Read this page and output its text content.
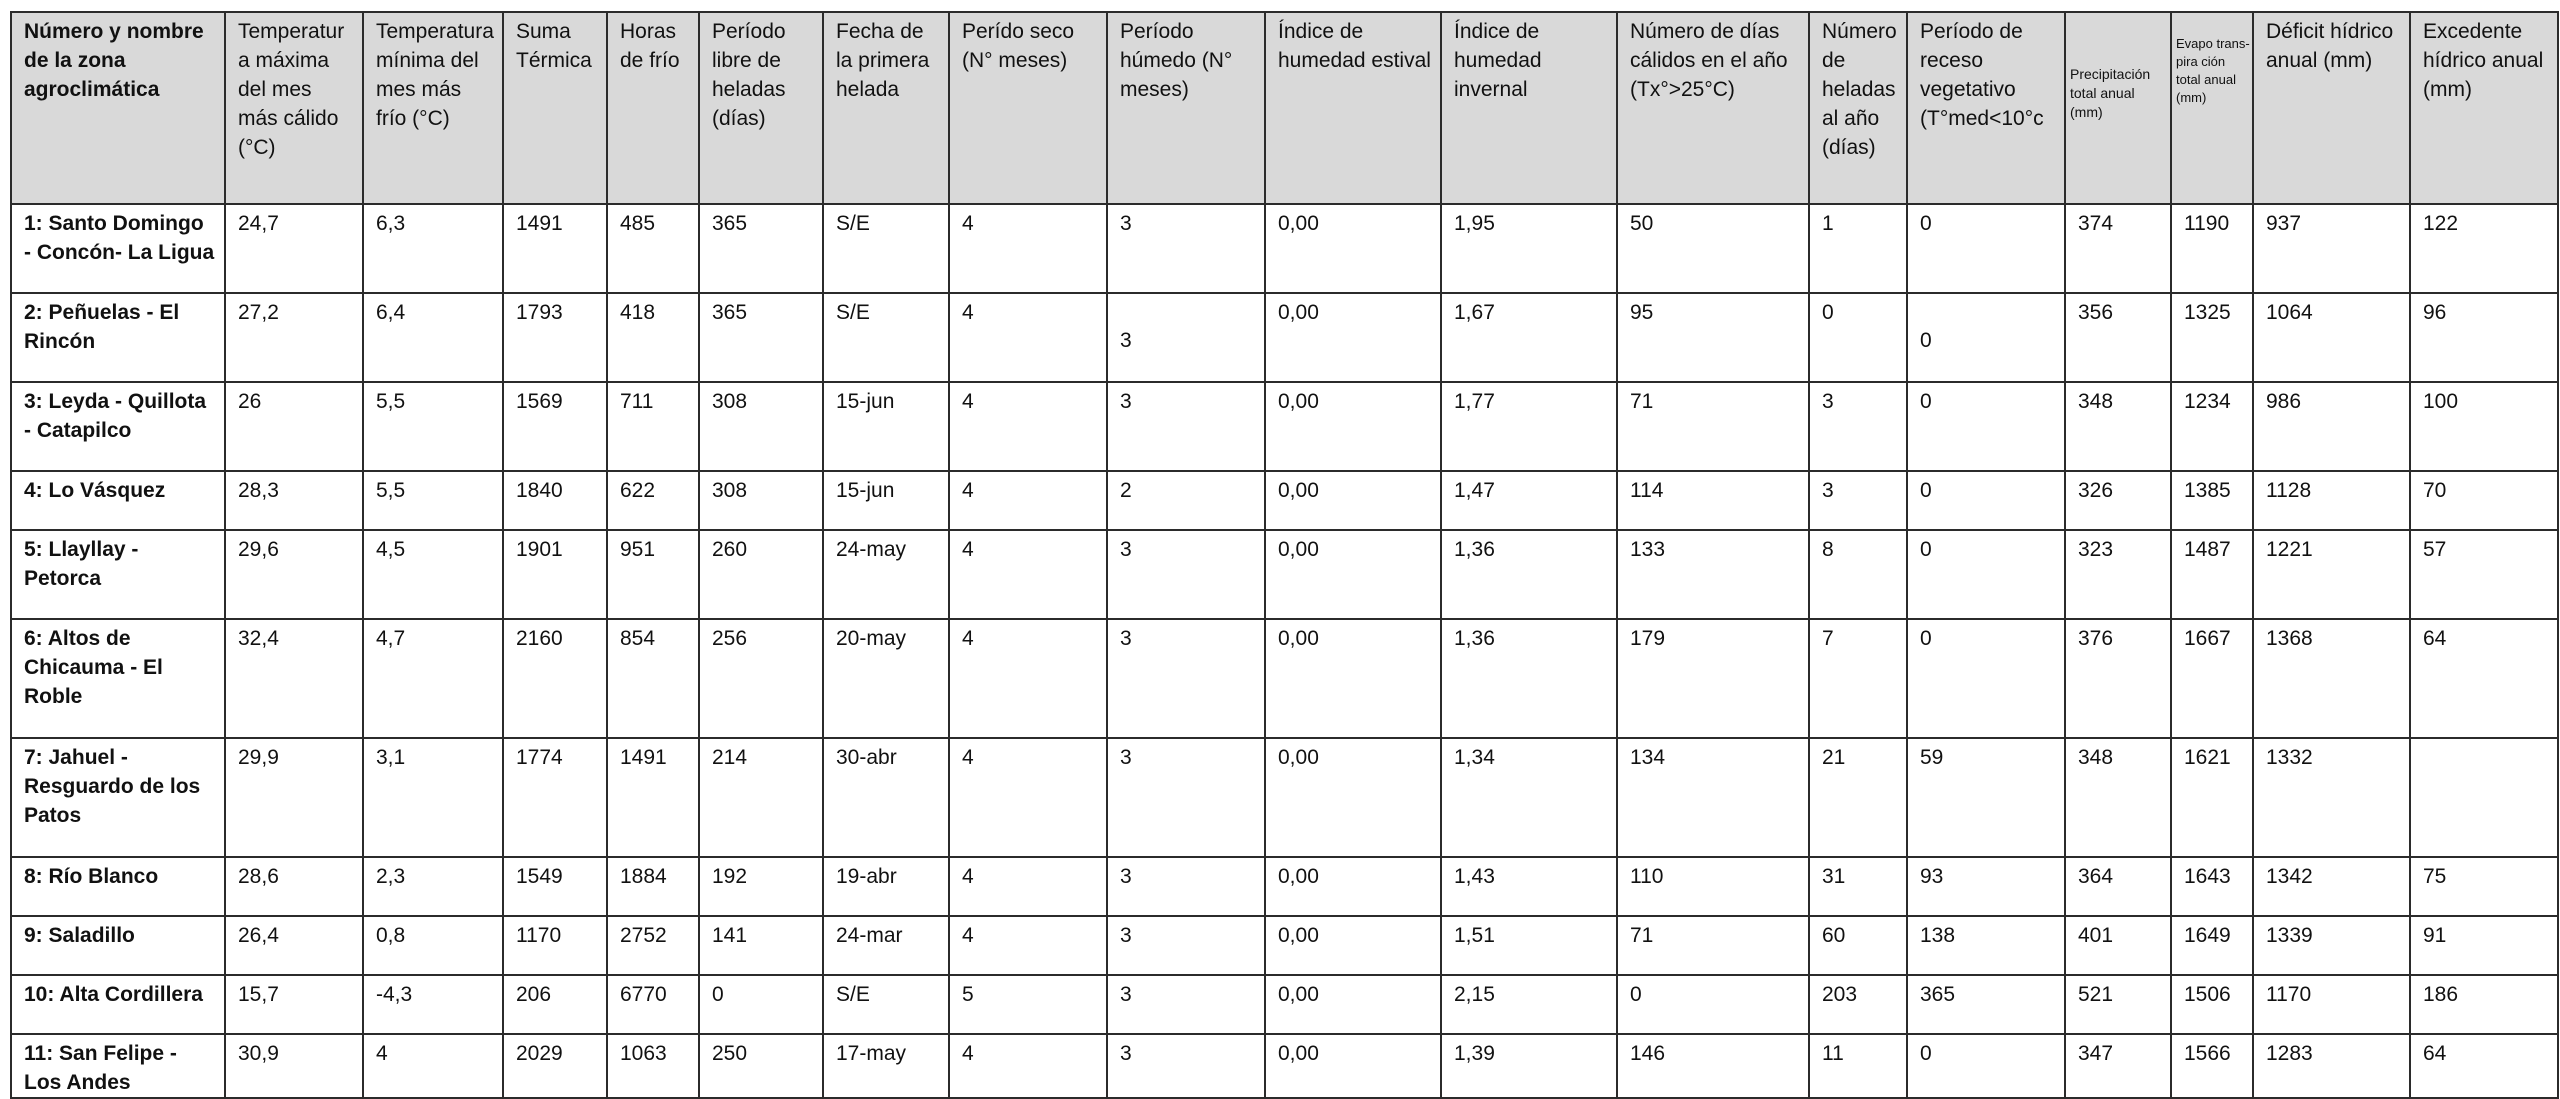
Número y nombre de la zona agroclimática	Temperatura máxima del mes más cálido (°C)	Temperatura mínima del mes más frío (°C)	Suma Térmica	Horas de frío	Período libre de heladas (días)	Fecha de la primera helada	Perído seco (N° meses)	Período húmedo (N° meses)	Índice de humedad estival	Índice de humedad invernal	Número de días cálidos en el año (Tx°>25°C)	Número de heladas al año (días)	Período de receso vegetativo (T°med<10°c	Precipitación total anual (mm)	Evapo trans-pira ción total anual (mm)	Déficit hídrico anual (mm)	Excedente hídrico anual (mm)
1: Santo Domingo - Concón- La Ligua	24,7	6,3	1491	485	365	S/E	4	3	0,00	1,95	50	1	0	374	1190	937	122
2: Peñuelas - El Rincón	27,2	6,4	1793	418	365	S/E	4	3	0,00	1,67	95	0	0	356	1325	1064	96
3: Leyda - Quillota - Catapilco	26	5,5	1569	711	308	15-jun	4	3	0,00	1,77	71	3	0	348	1234	986	100
4: Lo Vásquez	28,3	5,5	1840	622	308	15-jun	4	2	0,00	1,47	114	3	0	326	1385	1128	70
5: Llayllay - Petorca	29,6	4,5	1901	951	260	24-may	4	3	0,00	1,36	133	8	0	323	1487	1221	57
6: Altos de Chicauma - El Roble	32,4	4,7	2160	854	256	20-may	4	3	0,00	1,36	179	7	0	376	1667	1368	64
7: Jahuel - Resguardo de los Patos	29,9	3,1	1774	1491	214	30-abr	4	3	0,00	1,34	134	21	59	348	1621	1332	
8: Río Blanco	28,6	2,3	1549	1884	192	19-abr	4	3	0,00	1,43	110	31	93	364	1643	1342	75
9: Saladillo	26,4	0,8	1170	2752	141	24-mar	4	3	0,00	1,51	71	60	138	401	1649	1339	91
10: Alta Cordillera	15,7	-4,3	206	6770	0	S/E	5	3	0,00	2,15	0	203	365	521	1506	1170	186
11: San Felipe - Los Andes	30,9	4	2029	1063	250	17-may	4	3	0,00	1,39	146	11	0	347	1566	1283	64
